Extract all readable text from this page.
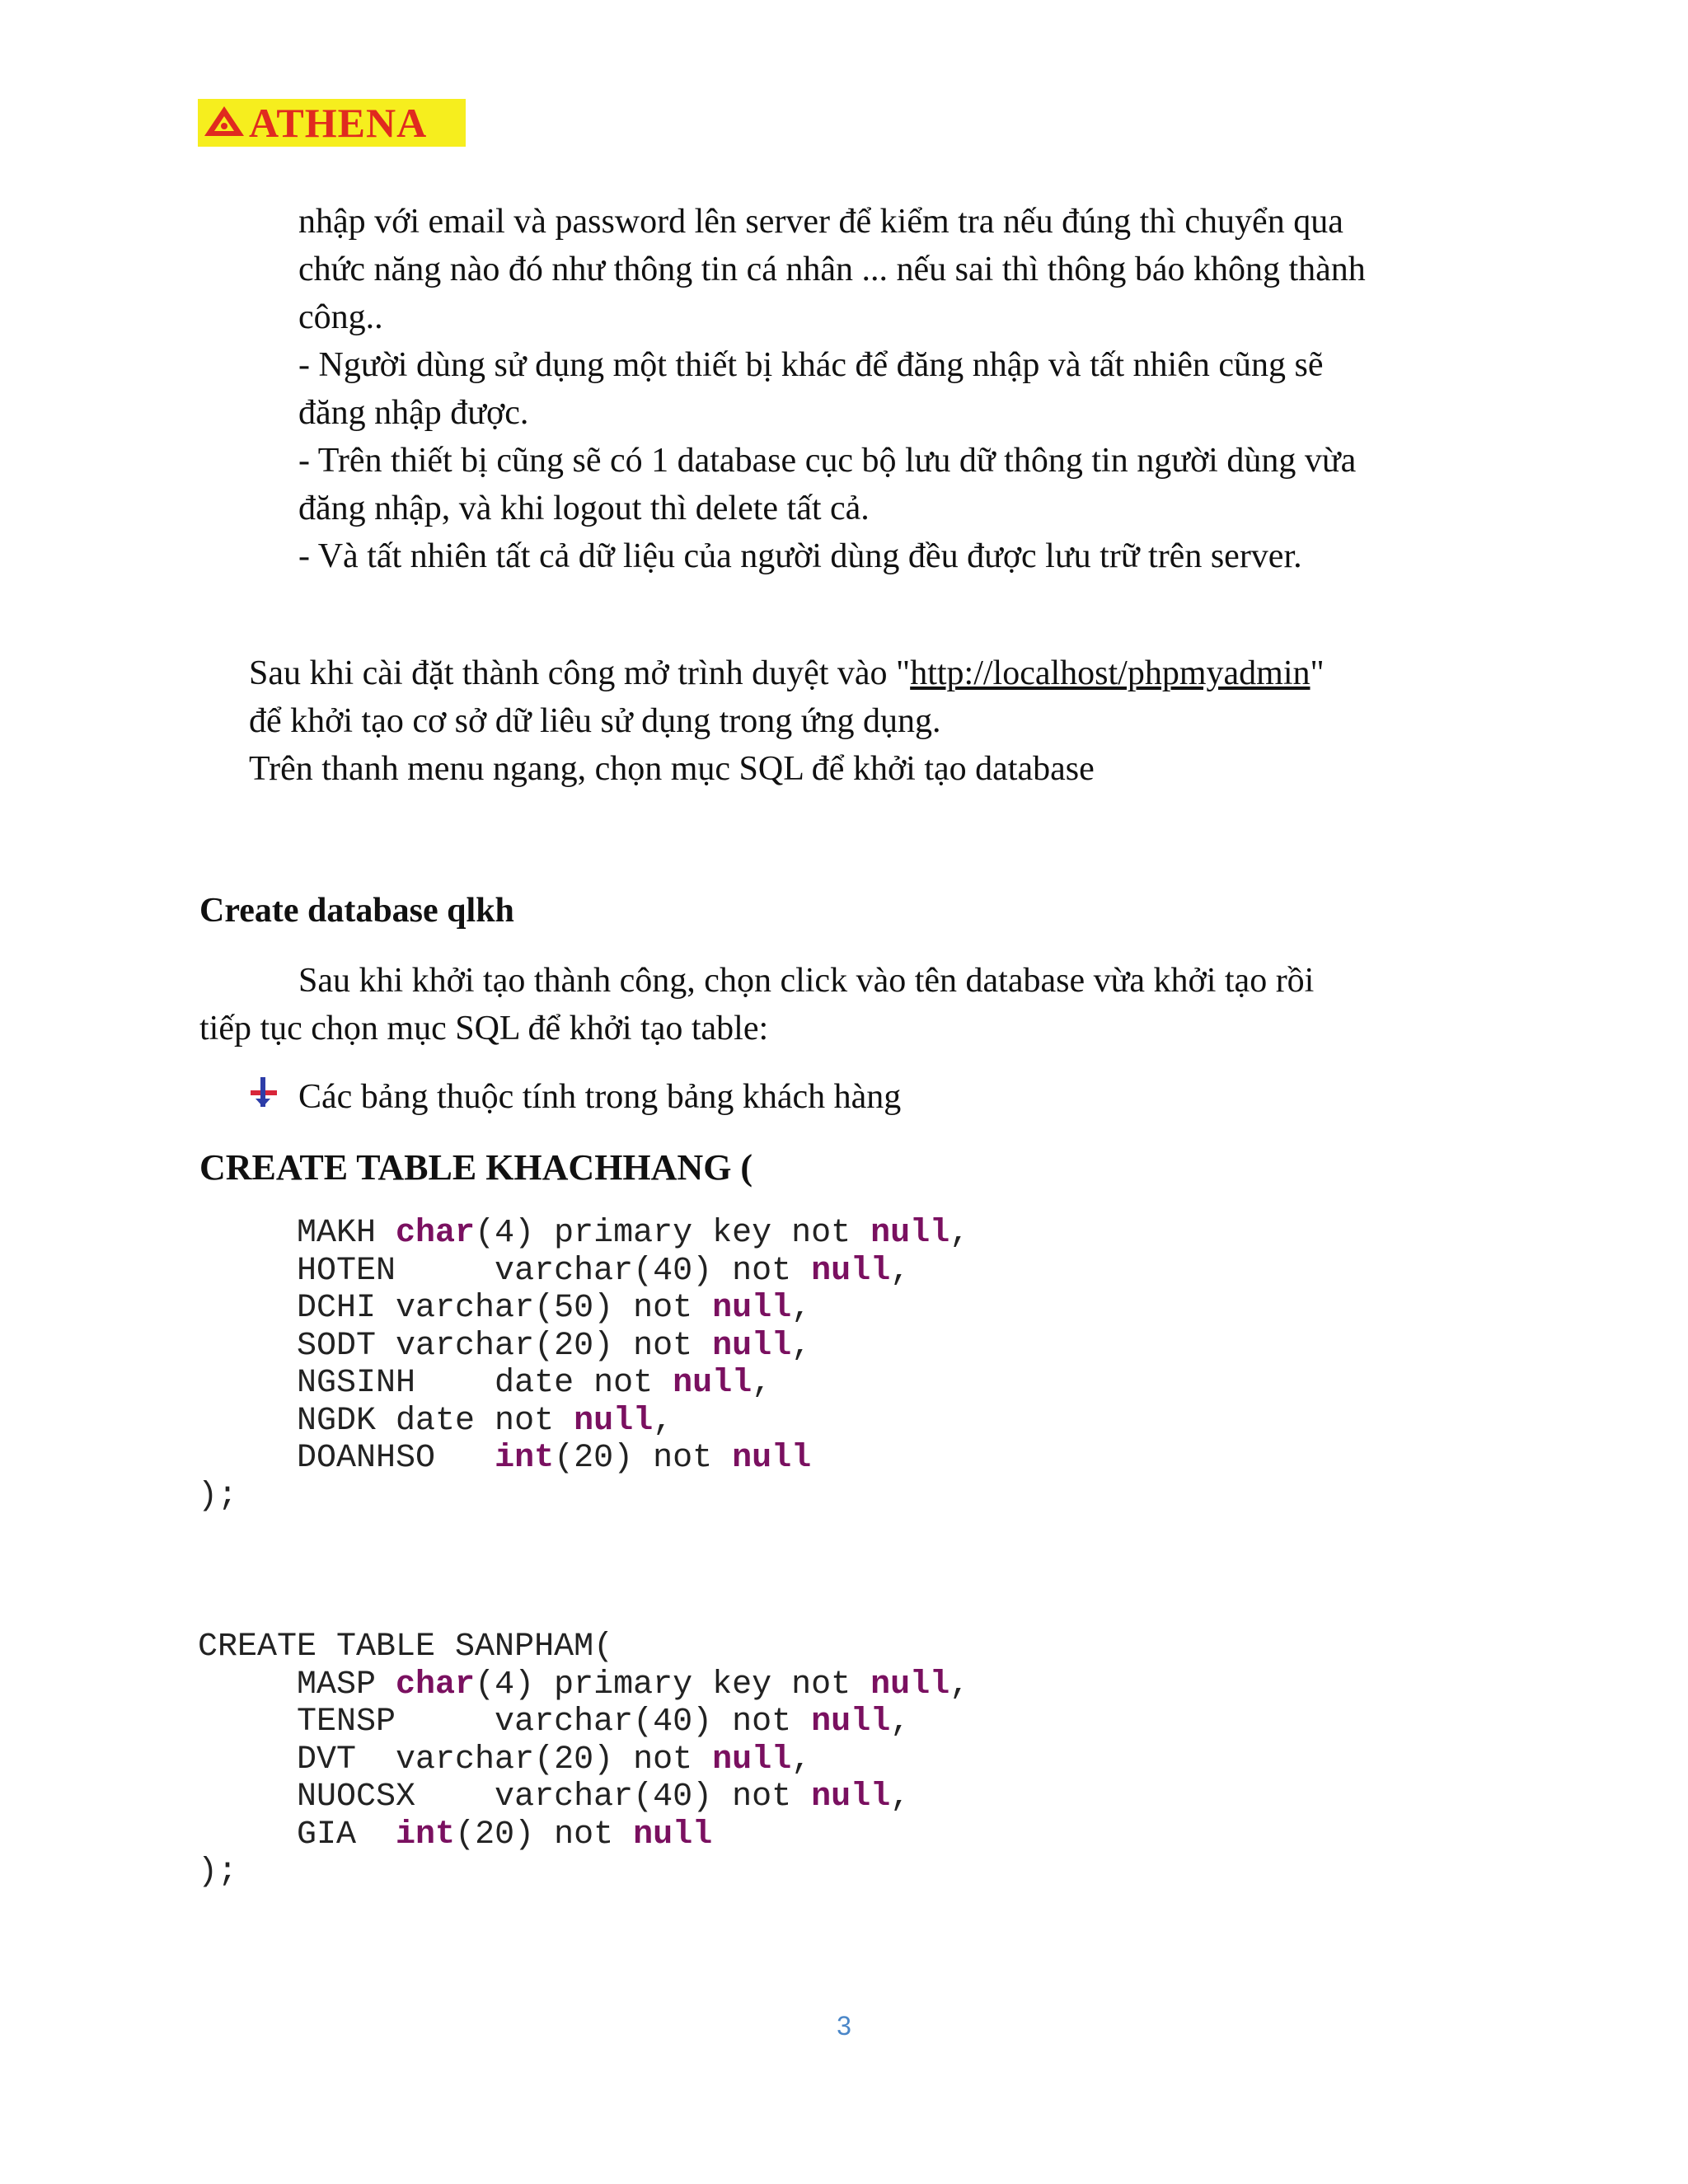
ATHENA
nhập với email và password lên server để kiểm tra nếu đúng thì chuyển qua
chức năng nào đó như thông tin cá nhân ... nếu sai thì thông báo không thành
công..
- Người dùng sử dụng một thiết bị khác để đăng nhập và tất nhiên cũng sẽ
đăng nhập được.
- Trên thiết bị cũng sẽ có 1 database cục bộ lưu dữ thông tin người dùng vừa
đăng nhập, và khi logout thì delete tất cả.
- Và tất nhiên tất cả dữ liệu của người dùng đều được lưu trữ trên server.
Sau khi cài đặt thành công mở trình duyệt vào "http://localhost/phpmyadmin"
để khởi tạo cơ sở dữ liêu sử dụng trong ứng dụng.
Trên thanh menu ngang, chọn mục SQL để khởi tạo database
Create database qlkh
Sau khi khởi tạo thành công, chọn click vào tên database vừa khởi tạo rồi
tiếp tục chọn mục SQL để khởi tạo table:
Các bảng thuộc tính trong bảng khách hàng
CREATE TABLE KHACHHANG (
MAKH char(4) primary key not null,
HOTEN     varchar(40) not null,
DCHI varchar(50) not null,
SODT varchar(20) not null,
NGSINH    date not null,
NGDK date not null,
DOANHSO   int(20) not null
);
CREATE TABLE SANPHAM(
MASP char(4) primary key not null,
TENSP     varchar(40) not null,
DVT  varchar(20) not null,
NUOCSX    varchar(40) not null,
GIA  int(20) not null
);
3
